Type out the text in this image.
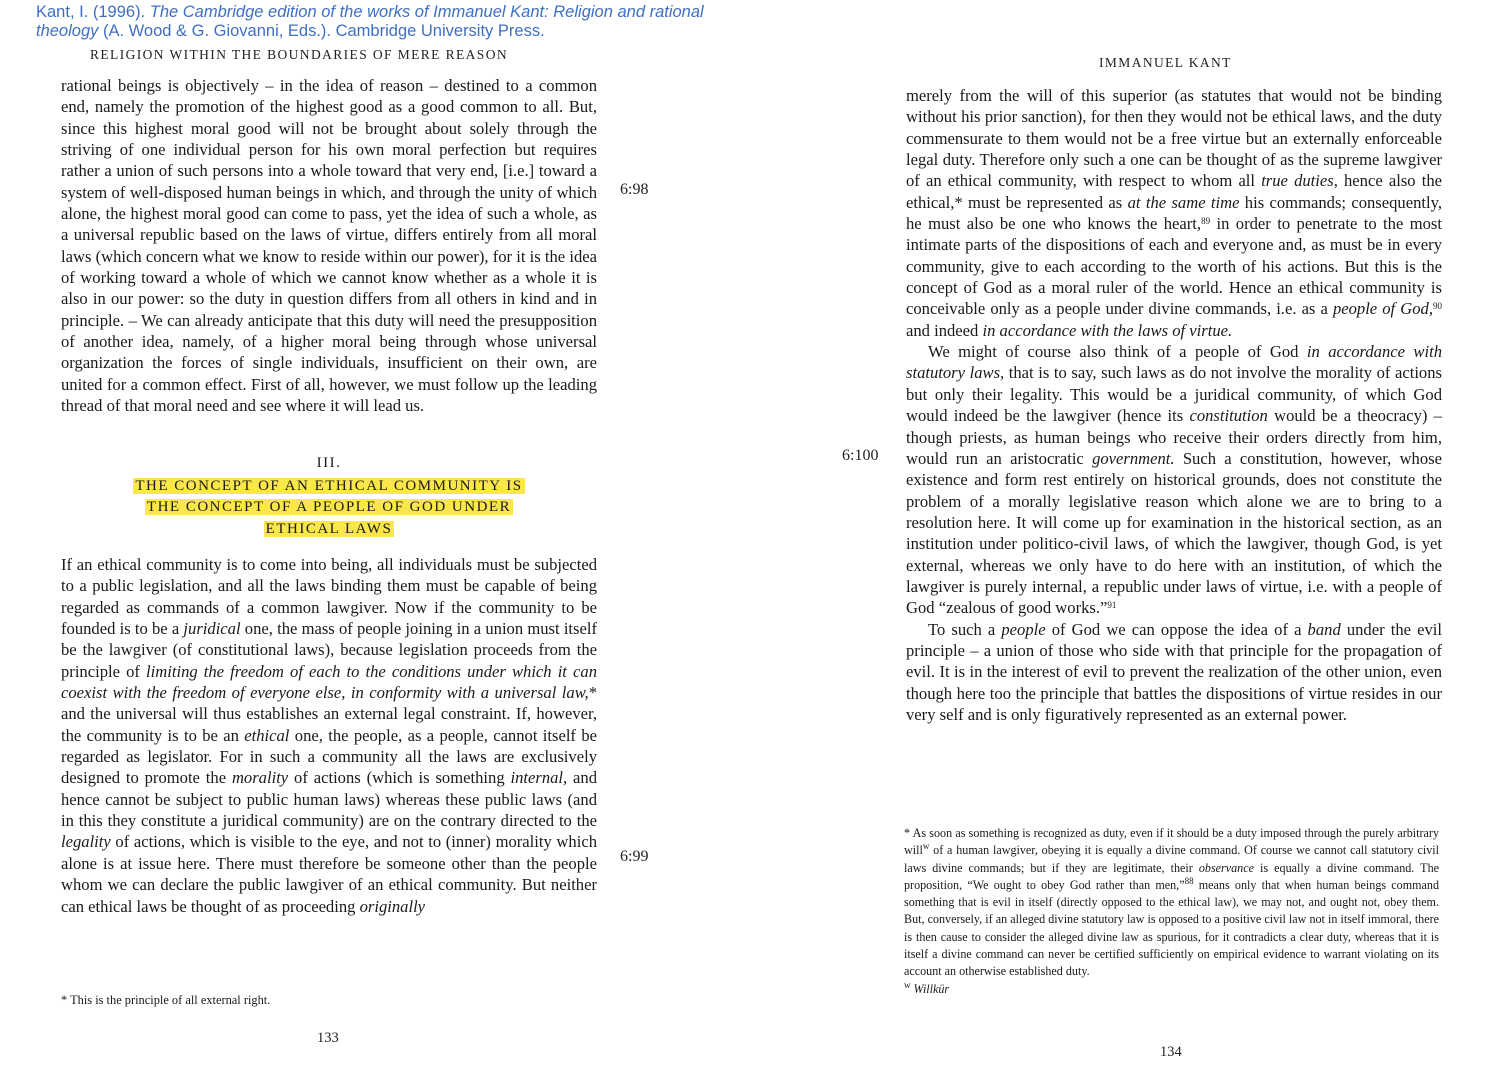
Kant, I. (1996). The Cambridge edition of the works of Immanuel Kant: Religion and rational theology (A. Wood & G. Giovanni, Eds.). Cambridge University Press.
RELIGION WITHIN THE BOUNDARIES OF MERE REASON

rational beings is objectively – in the idea of reason – destined to a common end, namely the promotion of the highest good as a good common to all. But, since this highest moral good will not be brought about solely through the striving of one individual person for his own moral perfection but requires rather a union of such persons into a whole toward that very end, [i.e.] toward a system of well-disposed human beings in which, and through the unity of which alone, the highest moral good can come to pass, yet the idea of such a whole, as a universal republic based on the laws of virtue, differs entirely from all moral laws (which concern what we know to reside within our power), for it is the idea of working toward a whole of which we cannot know whether as a whole it is also in our power: so the duty in question differs from all others in kind and in principle. – We can already anticipate that this duty will need the presupposition of another idea, namely, of a higher moral being through whose universal organization the forces of single individuals, insufficient on their own, are united for a common effect. First of all, however, we must follow up the leading thread of that moral need and see where it will lead us.

III.
THE CONCEPT OF AN ETHICAL COMMUNITY IS
THE CONCEPT OF A PEOPLE OF GOD UNDER
ETHICAL LAWS

If an ethical community is to come into being, all individuals must be subjected to a public legislation, and all the laws binding them must be capable of being regarded as commands of a common lawgiver. Now if the community to be founded is to be a juridical one, the mass of people joining in a union must itself be the lawgiver (of constitutional laws), because legislation proceeds from the principle of limiting the freedom of each to the conditions under which it can coexist with the freedom of everyone else, in conformity with a universal law,* and the universal will thus establishes an external legal constraint. If, however, the community is to be an ethical one, the people, as a people, cannot itself be regarded as legislator. For in such a community all the laws are exclusively designed to promote the morality of actions (which is something internal, and hence cannot be subject to public human laws) whereas these public laws (and in this they constitute a juridical community) are on the contrary directed to the legality of actions, which is visible to the eye, and not to (inner) morality which alone is at issue here. There must therefore be someone other than the people whom we can declare the public lawgiver of an ethical community. But neither can ethical laws be thought of as proceeding originally

6:98
6:99

* This is the principle of all external right.

133
IMMANUEL KANT

merely from the will of this superior (as statutes that would not be binding without his prior sanction), for then they would not be ethical laws, and the duty commensurate to them would not be a free virtue but an externally enforceable legal duty. Therefore only such a one can be thought of as the supreme lawgiver of an ethical community, with respect to whom all true duties, hence also the ethical,* must be represented as at the same time his commands; consequently, he must also be one who knows the heart,$^{89}$ in order to penetrate to the most intimate parts of the dispositions of each and everyone and, as must be in every community, give to each according to the worth of his actions. But this is the concept of God as a moral ruler of the world. Hence an ethical community is conceivable only as a people under divine commands, i.e. as a people of God,$^{90}$ and indeed in accordance with the laws of virtue.

We might of course also think of a people of God in accordance with statutory laws, that is to say, such laws as do not involve the morality of actions but only their legality. This would be a juridical community, of which God would indeed be the lawgiver (hence its constitution would be a theocracy) – though priests, as human beings who receive their orders directly from him, would run an aristocratic government. Such a constitution, however, whose existence and form rest entirely on historical grounds, does not constitute the problem of a morally legislative reason which alone we are to bring to a resolution here. It will come up for examination in the historical section, as an institution under politico-civil laws, of which the lawgiver, though God, is yet external, whereas we only have to do here with an institution, of which the lawgiver is purely internal, a republic under laws of virtue, i.e. with a people of God “zealous of good works.”$^{91}$

To such a people of God we can oppose the idea of a band under the evil principle – a union of those who side with that principle for the propagation of evil. It is in the interest of evil to prevent the realization of the other union, even though here too the principle that battles the dispositions of virtue resides in our very self and is only figuratively represented as an external power.

6:100

* As soon as something is recognized as duty, even if it should be a duty imposed through the purely arbitrary will$^w$ of a human lawgiver, obeying it is equally a divine command. Of course we cannot call statutory civil laws divine commands; but if they are legitimate, their observance is equally a divine command. The proposition, “We ought to obey God rather than men,”$^{88}$ means only that when human beings command something that is evil in itself (directly opposed to the ethical law), we may not, and ought not, obey them. But, conversely, if an alleged divine statutory law is opposed to a positive civil law not in itself immoral, there is then cause to consider the alleged divine law as spurious, for it contradicts a clear duty, whereas that it is itself a divine command can never be certified sufficiently on empirical evidence to warrant violating on its account an otherwise established duty.

$^w$ Willkür

134
